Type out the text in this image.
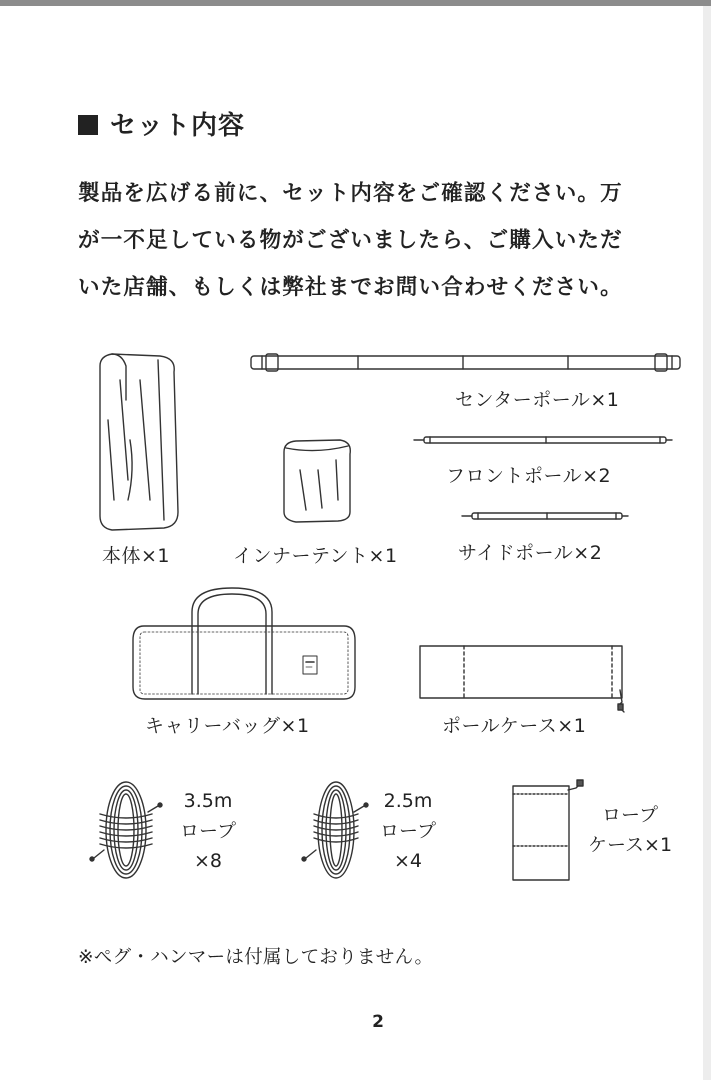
セット内容
製品を広げる前に、セット内容をご確認ください。万
が一不足している物がございましたら、ご購入いただ
いた店舗、もしくは弊社までお問い合わせください。
本体×1	インナーテント×1
センターポール×1
フロントポール×2
サイドポール×2
キャリーバッグ×1	ポールケース×1
3.5m
ロープ
×8
2.5m
ロープ
×4
ロープ
ケース×1
※ペグ・ハンマーは付属しておりません。
2
